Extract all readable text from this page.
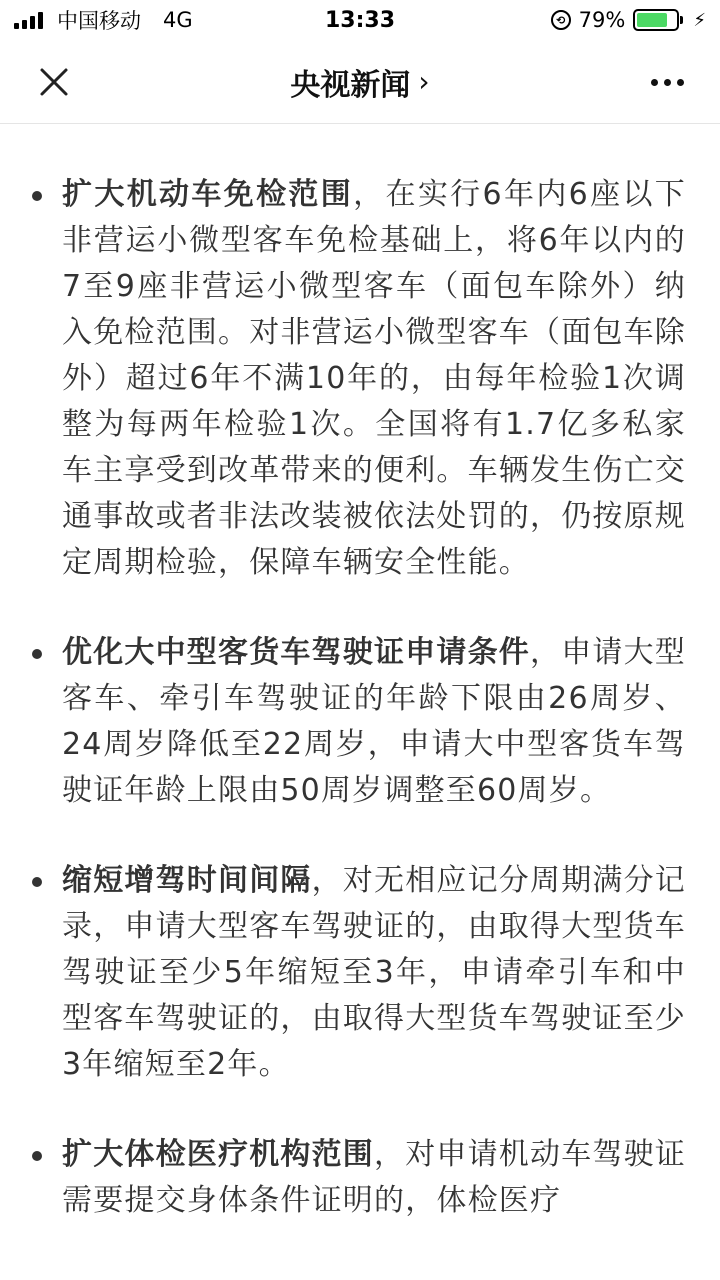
中国移动 4G	13:33	⟲ 79%	⚡
央视新闻 ›
扩大机动车免检范围，在实行6年内6座以下非营运小微型客车免检基础上，将6年以内的7至9座非营运小微型客车（面包车除外）纳入免检范围。对非营运小微型客车（面包车除外）超过6年不满10年的，由每年检验1次调整为每两年检验1次。全国将有1.7亿多私家车主享受到改革带来的便利。车辆发生伤亡交通事故或者非法改装被依法处罚的，仍按原规定周期检验，保障车辆安全性能。
优化大中型客货车驾驶证申请条件，申请大型客车、牵引车驾驶证的年龄下限由26周岁、24周岁降低至22周岁，申请大中型客货车驾驶证年龄上限由50周岁调整至60周岁。
缩短增驾时间间隔，对无相应记分周期满分记录，申请大型客车驾驶证的，由取得大型货车驾驶证至少5年缩短至3年，申请牵引车和中型客车驾驶证的，由取得大型货车驾驶证至少3年缩短至2年。
扩大体检医疗机构范围，对申请机动车驾驶证需要提交身体条件证明的，体检医疗
